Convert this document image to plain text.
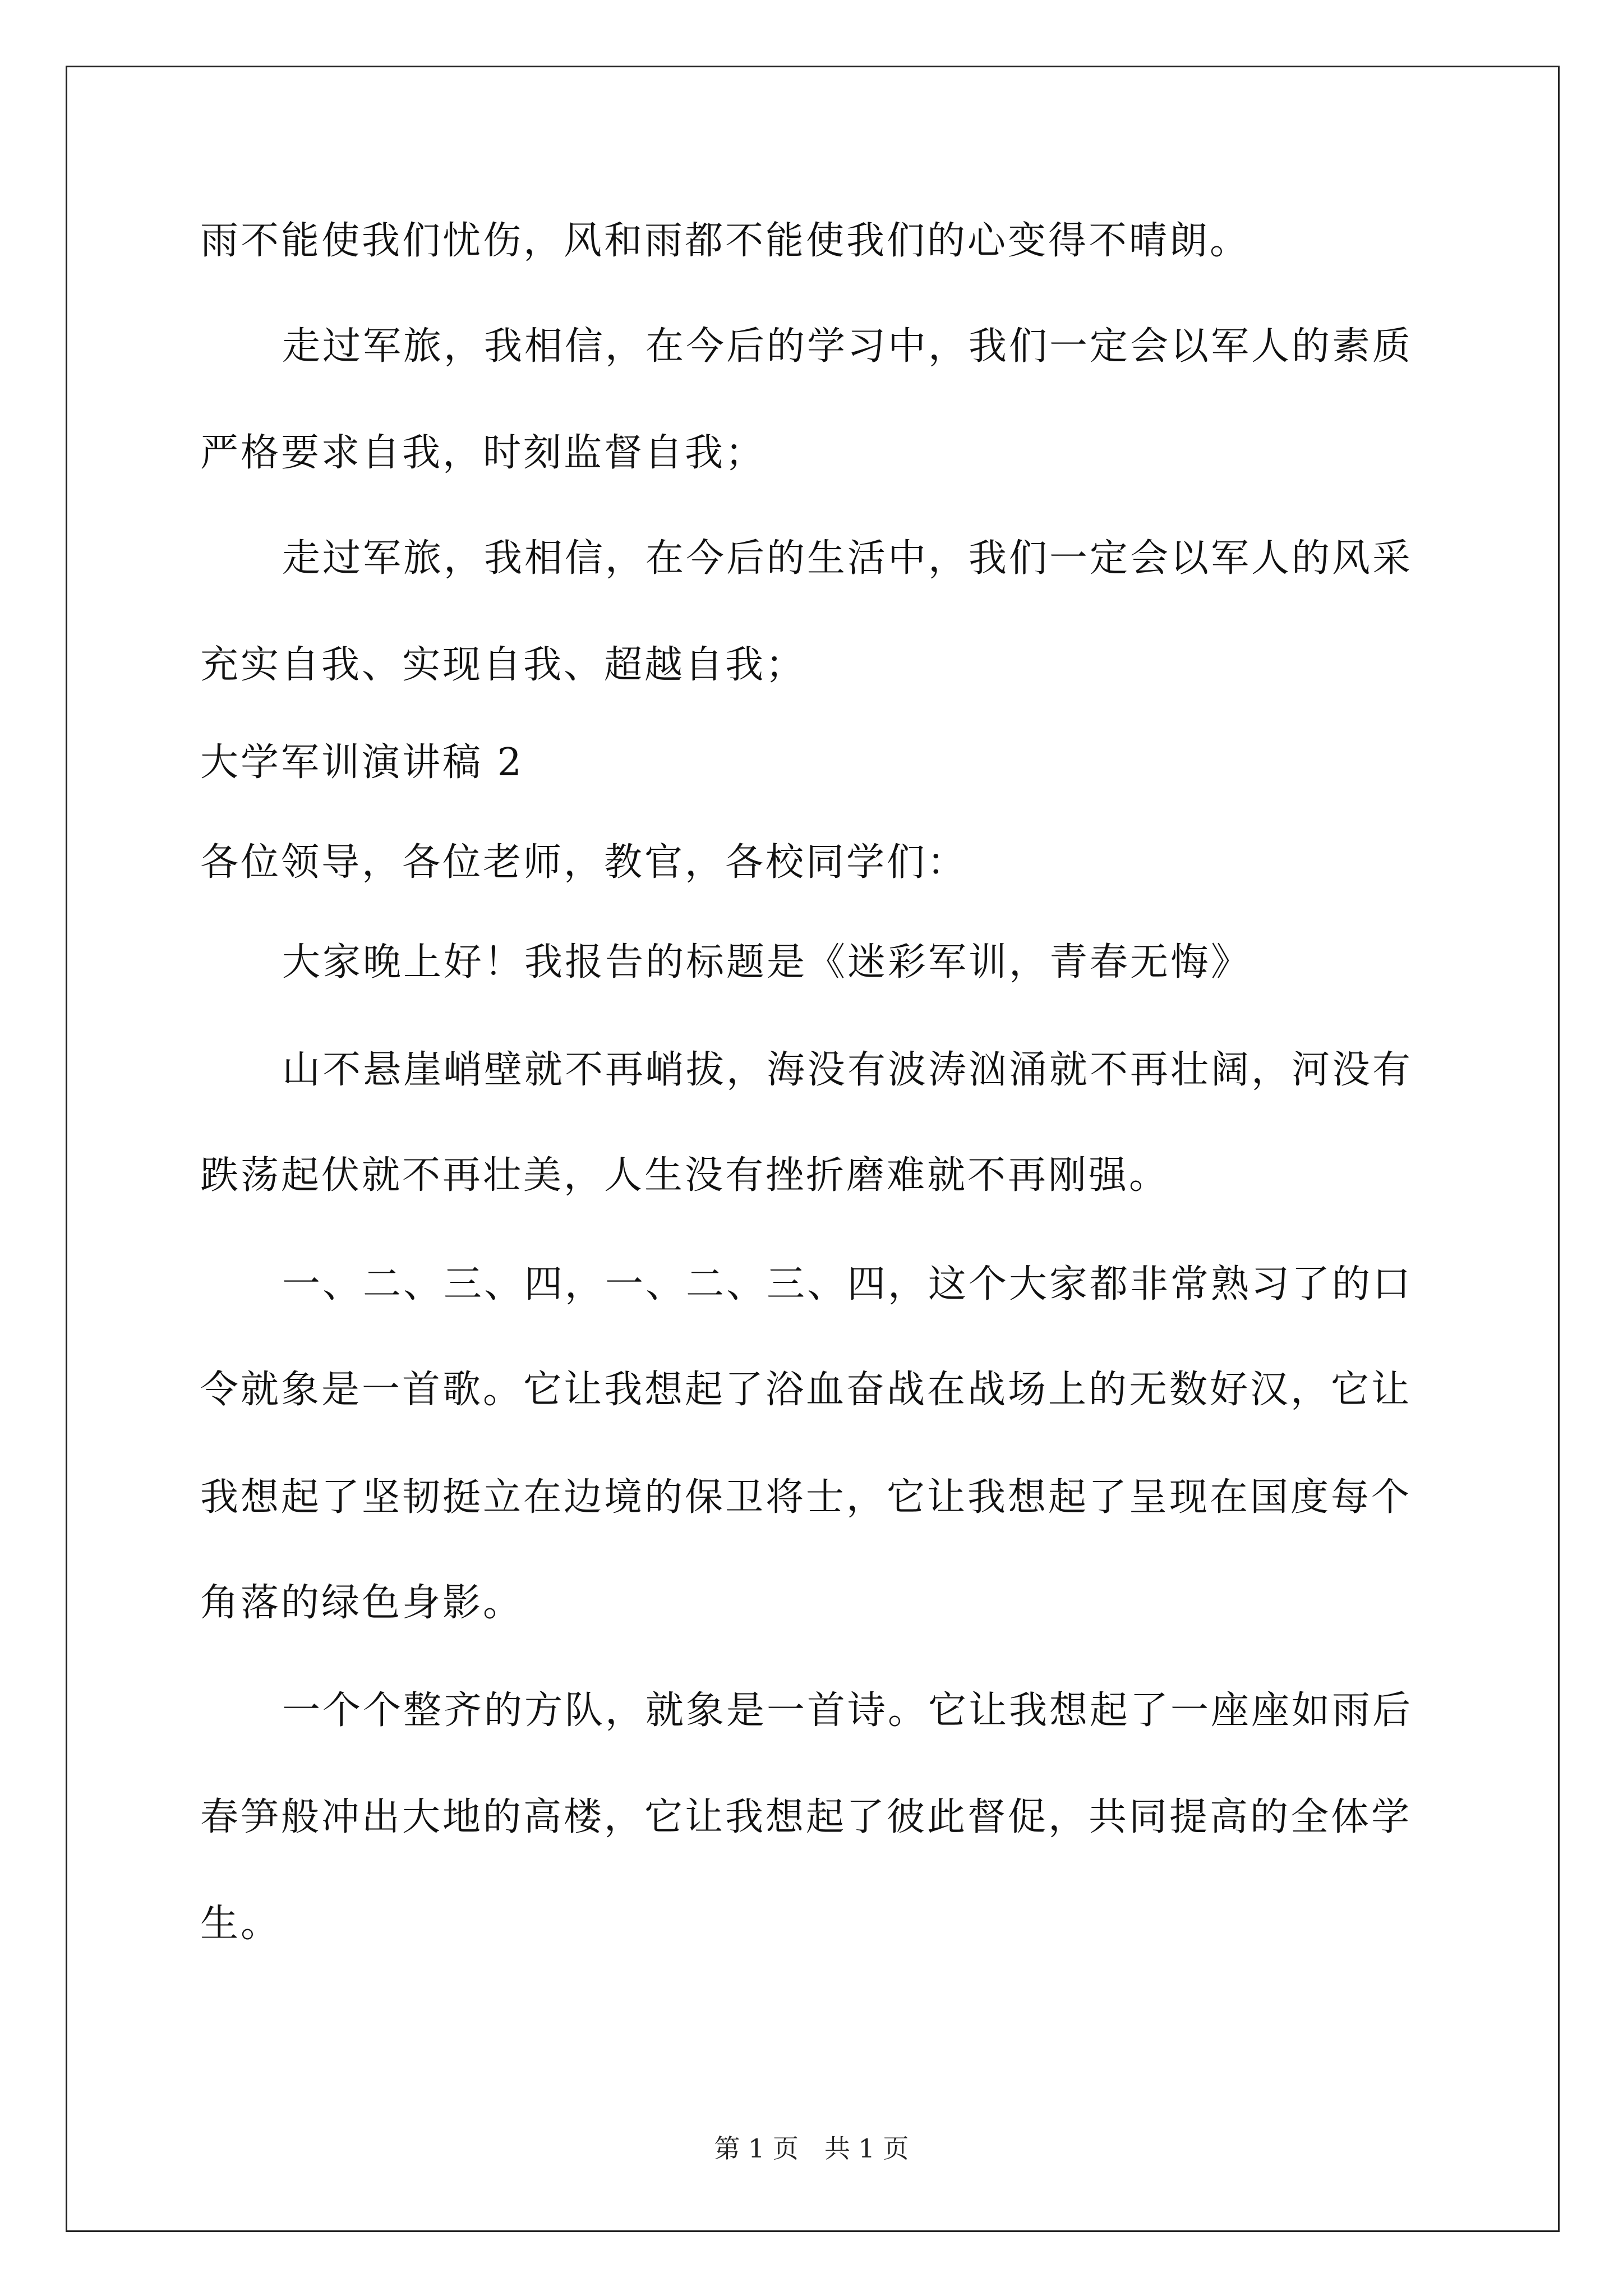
雨不能使我们忧伤，风和雨都不能使我们的心变得不晴朗。
走过军旅，我相信，在今后的学习中，我们一定会以军人的素质
严格要求自我，时刻监督自我；
走过军旅，我相信，在今后的生活中，我们一定会以军人的风采
充实自我、实现自我、超越自我；
大学军训演讲稿 2
各位领导，各位老师，教官，各校同学们：
大家晚上好！我报告的标题是《迷彩军训，青春无悔》
山不悬崖峭壁就不再峭拔，海没有波涛汹涌就不再壮阔，河没有
跌荡起伏就不再壮美，人生没有挫折磨难就不再刚强。
一、二、三、四，一、二、三、四，这个大家都非常熟习了的口
令就象是一首歌。它让我想起了浴血奋战在战场上的无数好汉，它让
我想起了坚韧挺立在边境的保卫将士，它让我想起了呈现在国度每个
角落的绿色身影。
一个个整齐的方队，就象是一首诗。它让我想起了一座座如雨后
春笋般冲出大地的高楼，它让我想起了彼此督促，共同提高的全体学
生。
第 1 页　共 1 页
